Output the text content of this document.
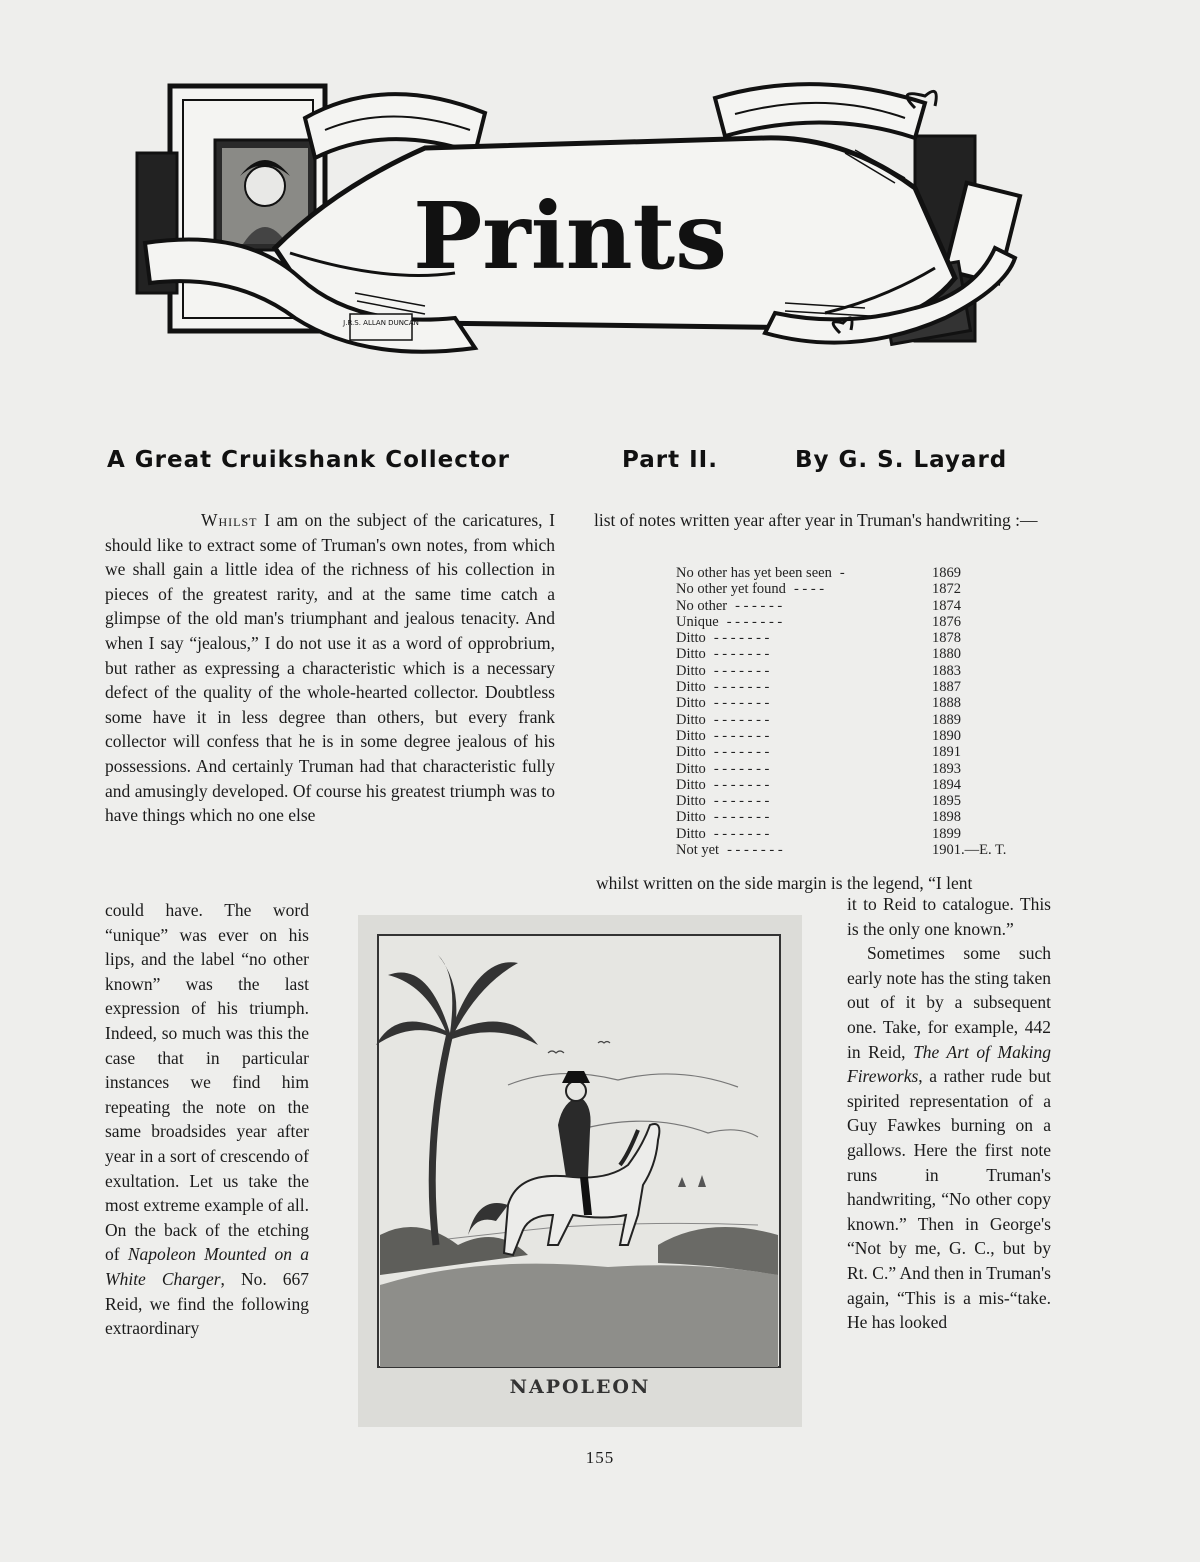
Prints
J.R.S. ALLAN DUNCAN
A Great Cruikshank Collector	Part II.	By G. S. Layard

Whilst I am on the subject of the caricatures, I should like to extract some of Truman's own notes, from which we shall gain a little idea of the richness of his collection in pieces of the greatest rarity, and at the same time catch a glimpse of the old man's triumphant and jealous tenacity. And when I say “jealous,” I do not use it as a word of opprobrium, but rather as expressing a characteristic which is a necessary defect of the quality of the whole-hearted collector. Doubtless some have it in less degree than others, but every frank collector will confess that he is in some degree jealous of his possessions. And certainly Truman had that characteristic fully and amusingly developed. Of course his greatest triumph was to have things which no one else

could have. The word “unique” was ever on his lips, and the label “no other known” was the last expression of his triumph. Indeed, so much was this the case that in particular instances we find him repeating the note on the same broadsides year after year in a sort of crescendo of exultation. Let us take the most extreme example of all. On the back of the etching of Napoleon Mounted on a White Charger, No. 667 Reid, we find the following extraordinary

list of notes written year after year in Truman's handwriting :—

No other has yet been seen -	1869
No other yet found - - - -	1872
No other - - - - - -	1874
Unique - - - - - - -	1876
Ditto - - - - - - -	1878
Ditto - - - - - - -	1880
Ditto - - - - - - -	1883
Ditto - - - - - - -	1887
Ditto - - - - - - -	1888
Ditto - - - - - - -	1889
Ditto - - - - - - -	1890
Ditto - - - - - - -	1891
Ditto - - - - - - -	1893
Ditto - - - - - - -	1894
Ditto - - - - - - -	1895
Ditto - - - - - - -	1898
Ditto - - - - - - -	1899
Not yet - - - - - - -	1901.—E. T.
whilst written on the side margin is the legend, “I lent

it to Reid to catalogue. This is the only one known.”

Sometimes some such early note has the sting taken out of it by a subsequent one. Take, for example, 442 in Reid, The Art of Making Fireworks, a rather rude but spirited representation of a Guy Fawkes burning on a gallows. Here the first note runs in Truman's handwriting, “No other copy known.” Then in George's “Not by me, G. C., but by Rt. C.” And then in Truman's again, “This is a mis-“take. He has looked

NAPOLEON
155
